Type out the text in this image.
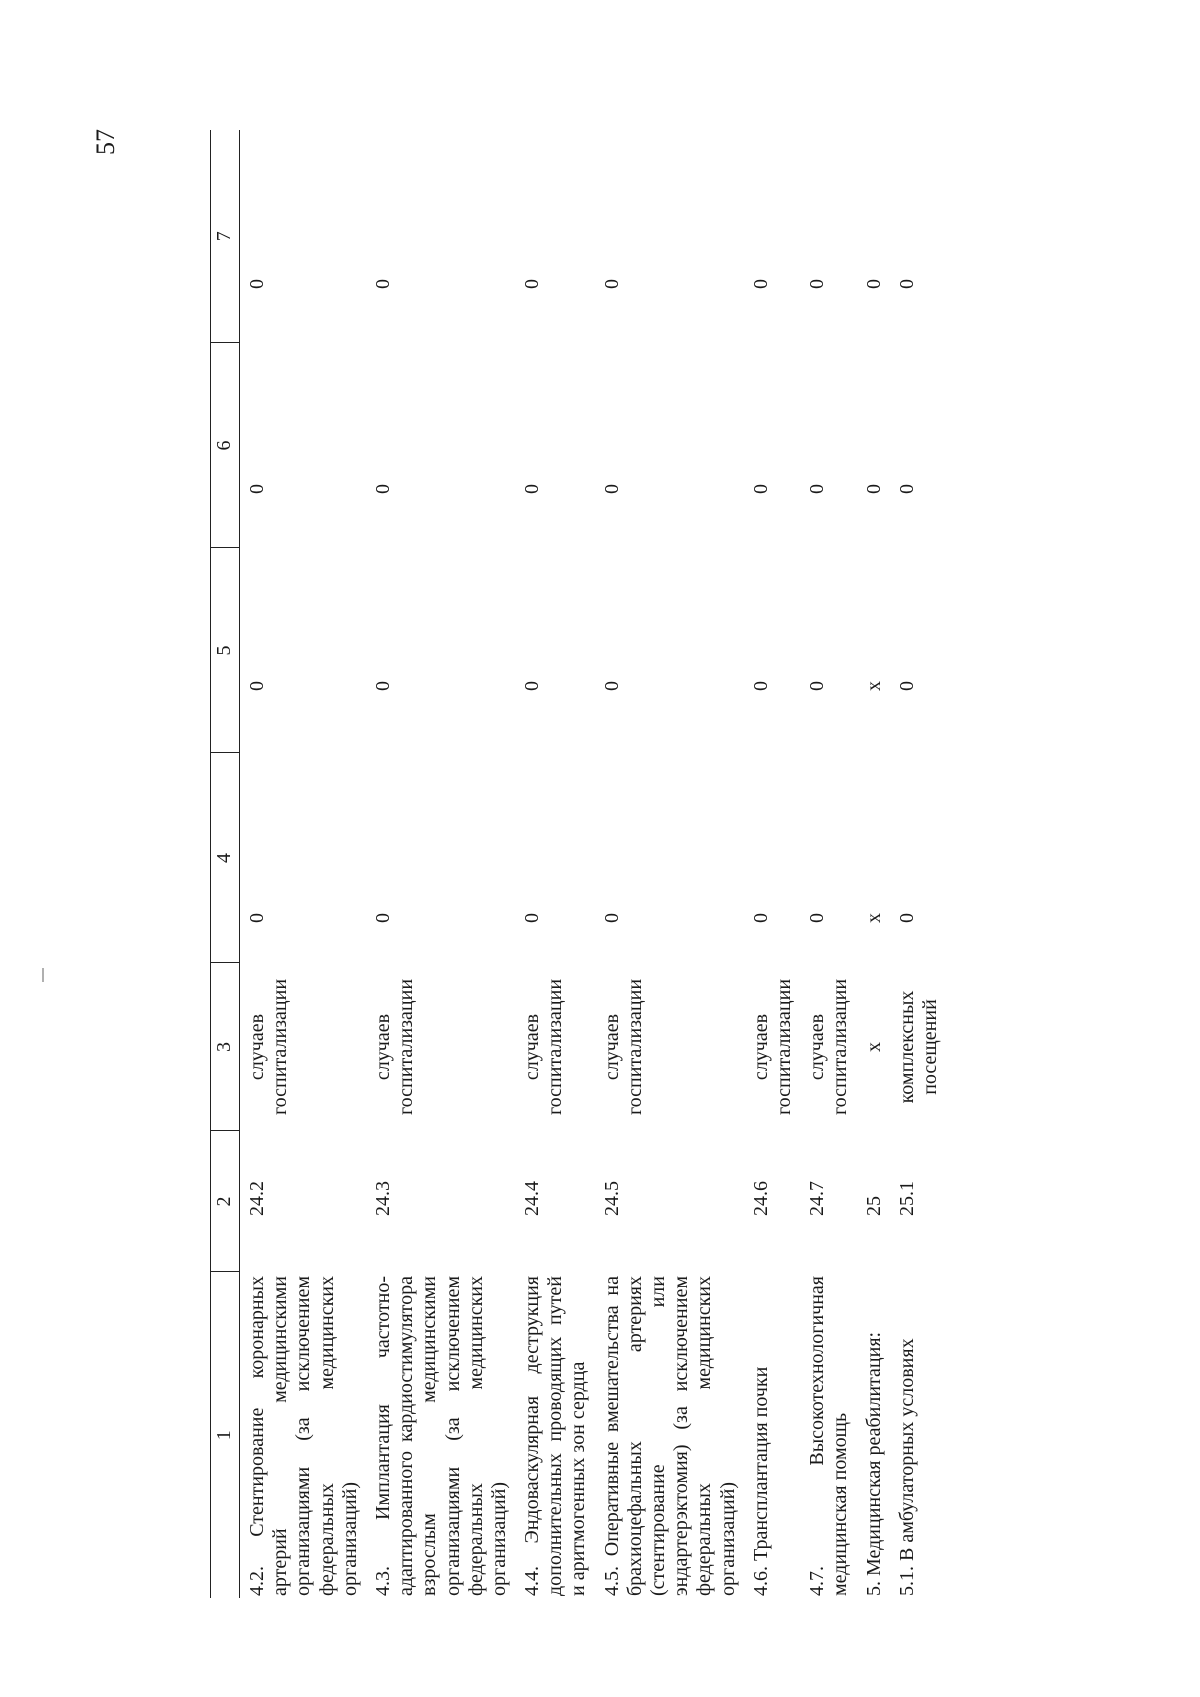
57
1	2	3	4	5	6	7
4.2. Стентирование коронарных артерий медицинскими организациями (за исключением федеральных медицинских организаций)	24.2	случаев госпитализации	0	0	0	0
4.3. Имплантация частотно-адаптированного кардиостимулятора взрослым медицинскими организациями (за исключением федеральных медицинских организаций)	24.3	случаев госпитализации	0	0	0	0
4.4. Эндоваскулярная деструкция дополнительных проводящих путей и аритмогенных зон сердца	24.4	случаев госпитализации	0	0	0	0
4.5. Оперативные вмешательства на брахиоцефальных артериях (стентирование или эндартерэктомия) (за исключением федеральных медицинских организаций)	24.5	случаев госпитализации	0	0	0	0
4.6. Трансплантация почки	24.6	случаев госпитализации	0	0	0	0
4.7. Высокотехнологичная медицинская помощь	24.7	случаев госпитализации	0	0	0	0
5. Медицинская реабилитация:	25	х	х	х	0	0
5.1. В амбулаторных условиях	25.1	комплексных посещений	0	0	0	0
